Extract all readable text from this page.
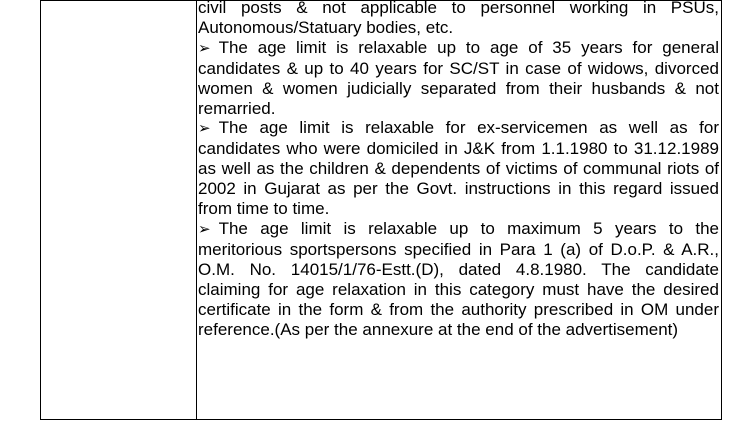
civil posts & not applicable to personnel working in PSUs, Autonomous/Statuary bodies, etc.
➢ The age limit is relaxable up to age of 35 years for general candidates & up to 40 years for SC/ST in case of widows, divorced women & women judicially separated from their husbands & not remarried.
➢ The age limit is relaxable for ex-servicemen as well as for candidates who were domiciled in J&K from 1.1.1980 to 31.12.1989 as well as the children & dependents of victims of communal riots of 2002 in Gujarat as per the Govt. instructions in this regard issued from time to time.
➢ The age limit is relaxable up to maximum 5 years to the meritorious sportspersons specified in Para 1 (a) of D.o.P. & A.R., O.M. No. 14015/1/76-Estt.(D), dated 4.8.1980. The candidate claiming for age relaxation in this category must have the desired certificate in the form & from the authority prescribed in OM under reference.(As per the annexure at the end of the advertisement)
